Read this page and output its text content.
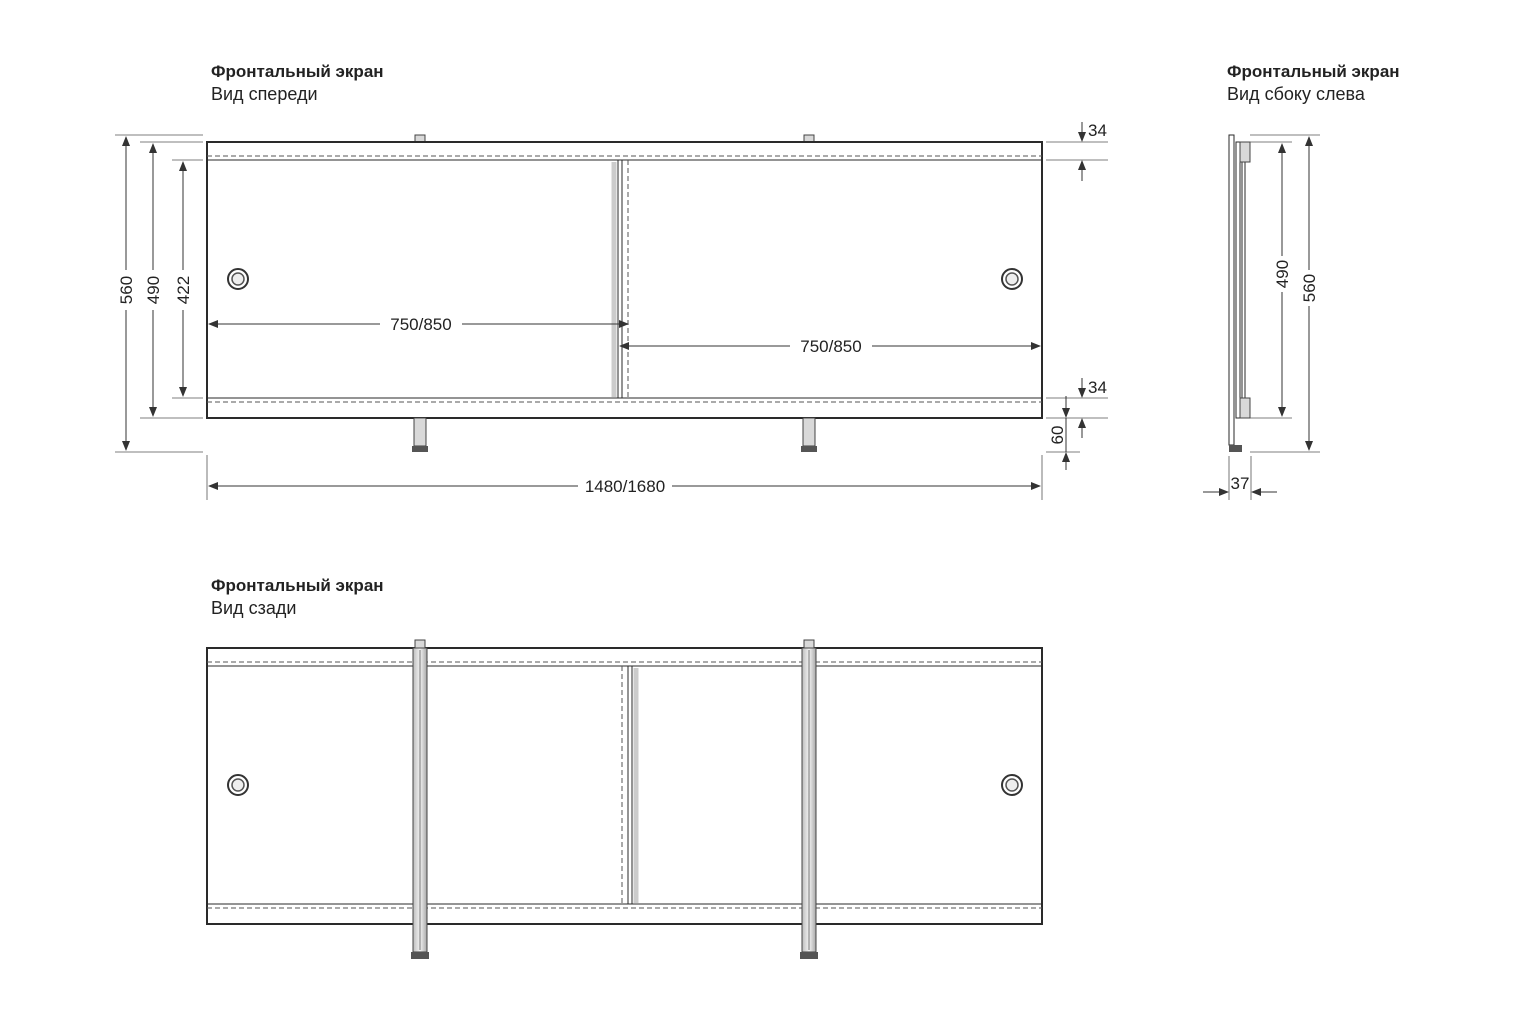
Фронтальный экран
Вид спереди
560 490 422
750/850
750/850
34
34
60
1480/1680
Фронтальный экран
Вид сбоку слева
490 560
37
Фронтальный экран
Вид сзади
